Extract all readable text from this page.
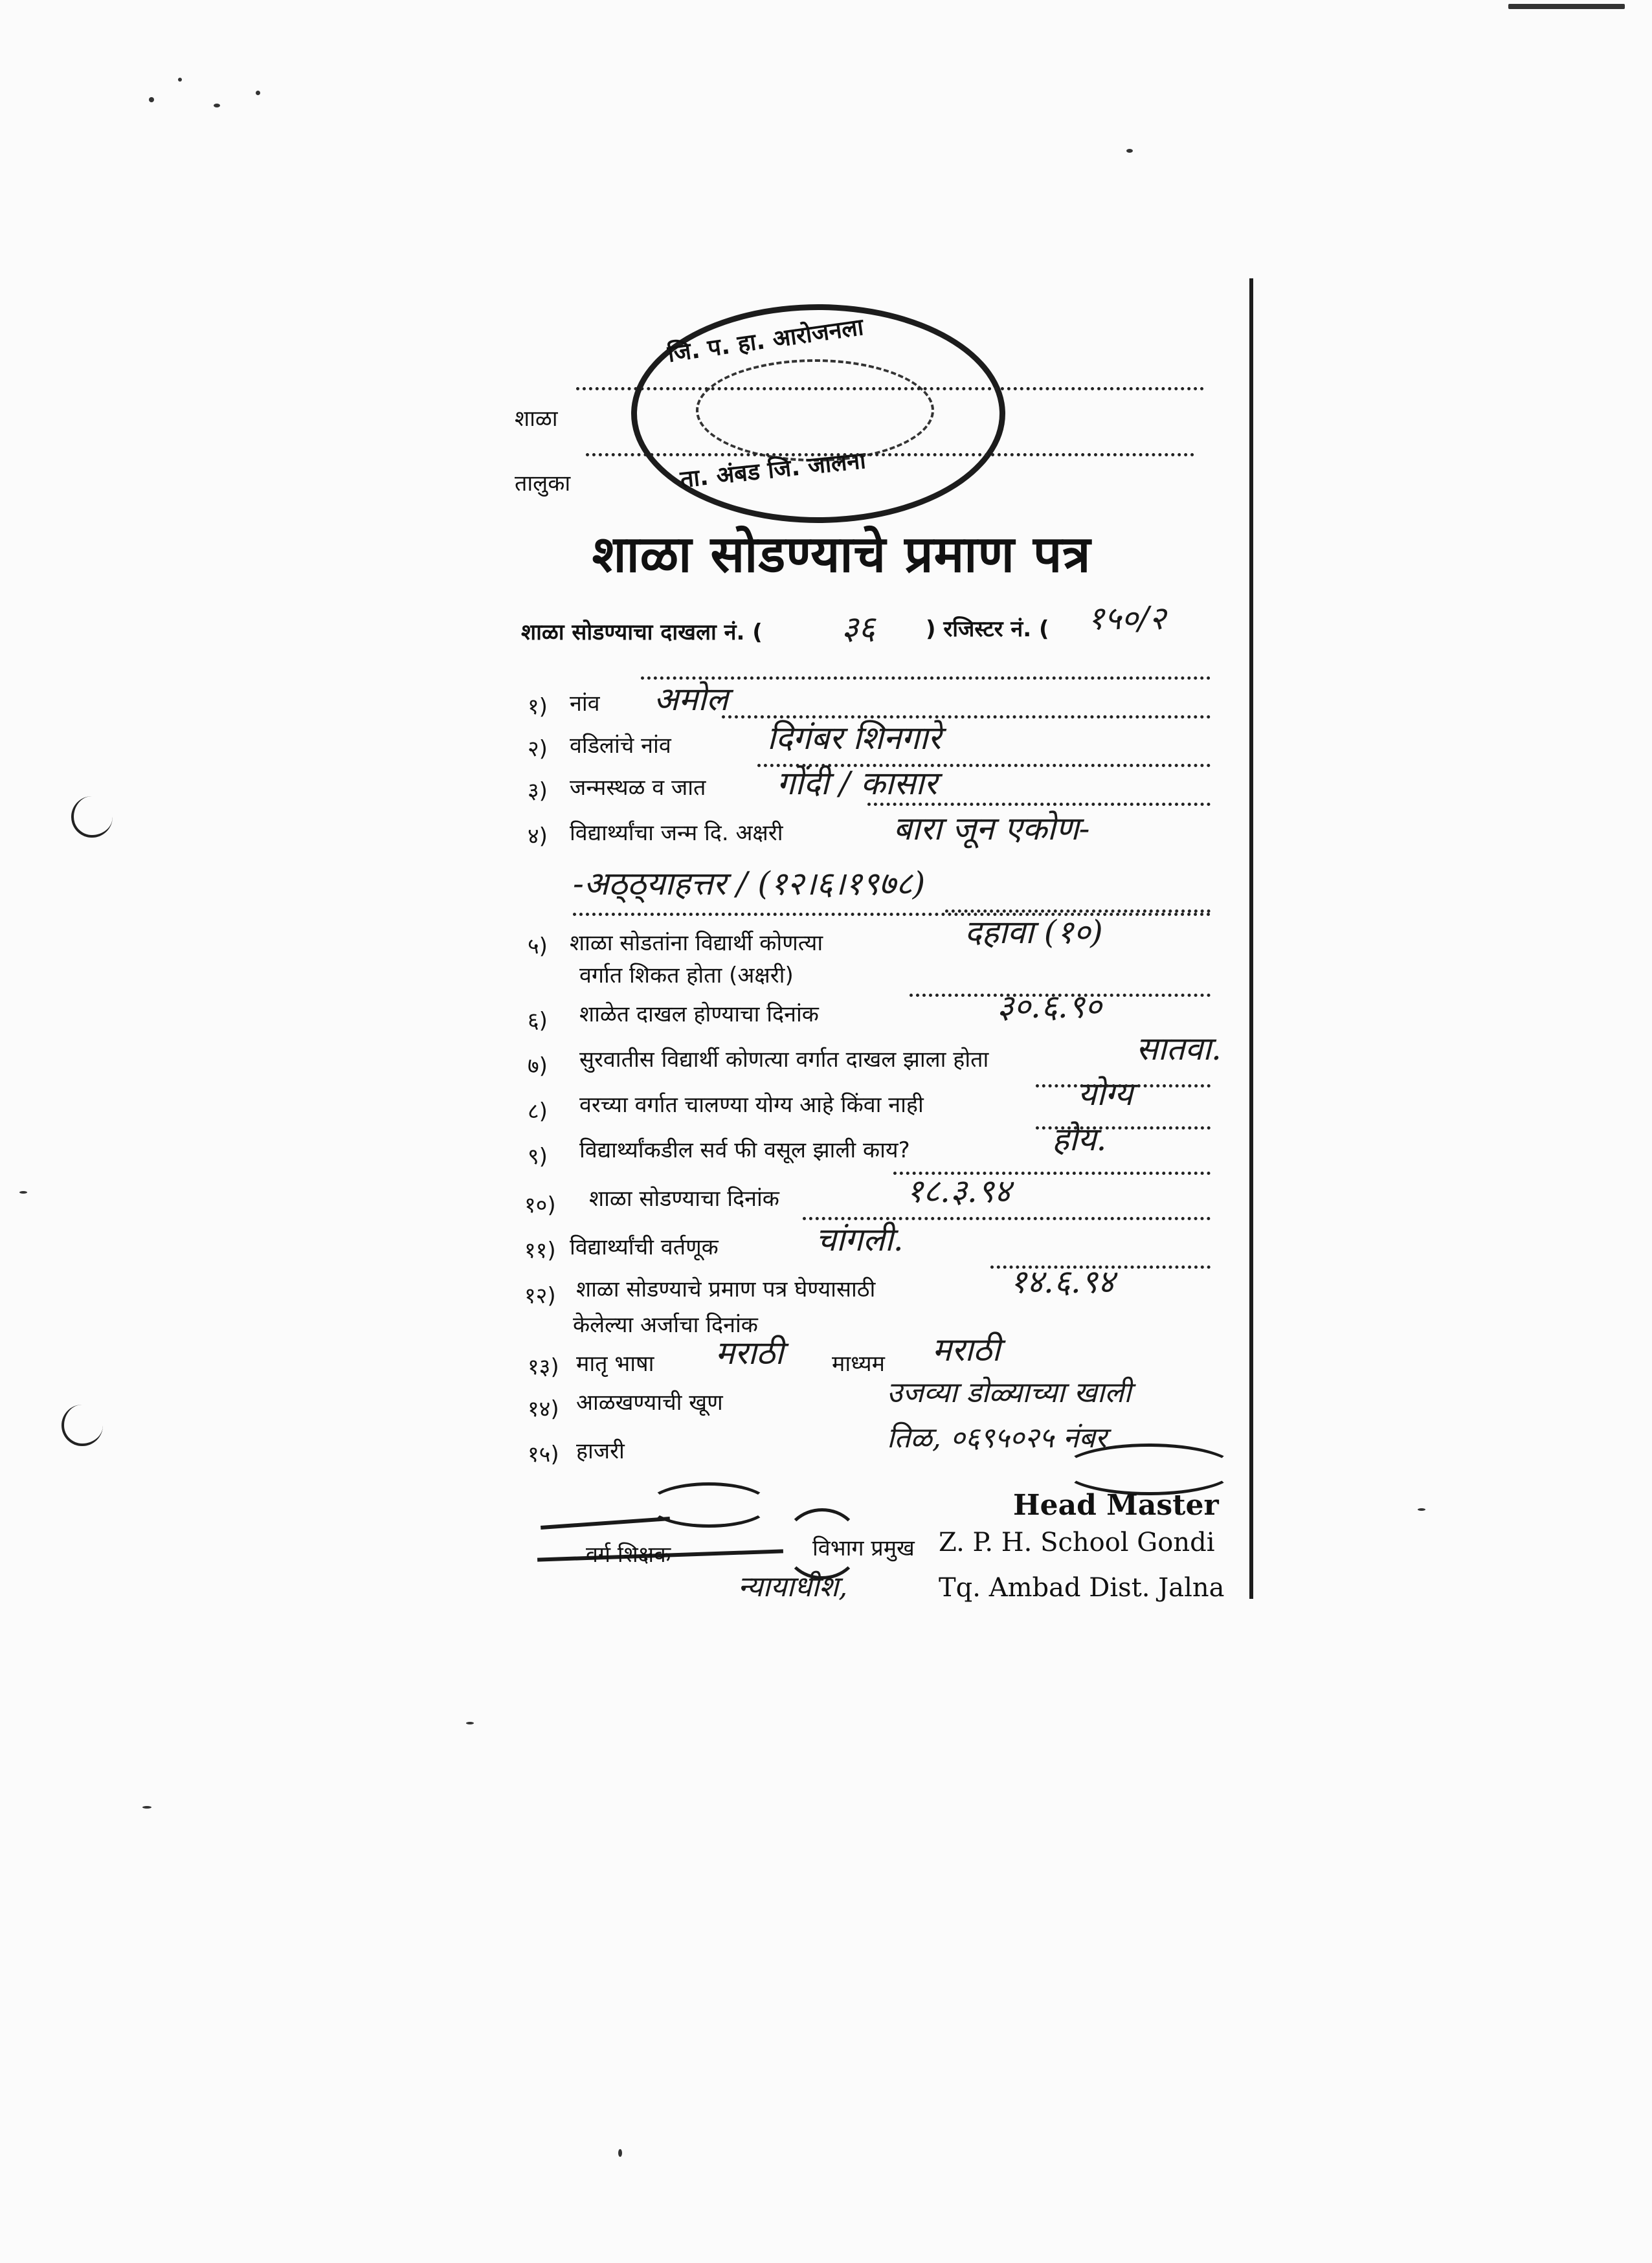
जि. प. हा. आरोजनला
ता. अंबड जि. जालना
शाळा
तालुका
शाळा सोडण्याचे प्रमाण पत्र
शाळा सोडण्याचा दाखला नं. ( ३६ ) रजिस्टर नं. ( १५०/२
१) नांव अमोल
२) वडिलांचे नांव	दिगंबर शिनगारे
३) जन्मस्थळ व जात गोंदी / कासार
४) विद्यार्थ्यांचा जन्म दि. अक्षरी	बारा जून एकोण-
-अठ्ठ्याहत्तर / (१२।६।१९७८)
५) शाळा सोडतांना विद्यार्थी कोणत्या
वर्गात शिकत होता (अक्षरी)
दहावा (१०)
६) शाळेत दाखल होण्याचा दिनांक	३०.६.९०
७) सुरवातीस विद्यार्थी कोणत्या वर्गात दाखल झाला होता	सातवा.
८) वरच्या वर्गात चालण्या योग्य आहे किंवा नाही	योग्य
९) विद्यार्थ्यांकडील सर्व फी वसूल झाली काय?	होय.
१०) शाळा सोडण्याचा दिनांक	१८.३.९४
११) विद्यार्थ्यांची वर्तणूक	चांगली.
१२) शाळा सोडण्याचे प्रमाण पत्र घेण्यासाठी
केलेल्या अर्जाचा दिनांक
१४.६.९४
१३) मातृ भाषा मराठी माध्यम मराठी
१४) आळखण्याची खूण	उजव्या डोळ्याच्या खाली
१५) हाजरी	तिळ, ०६९५०२५ नंबर
वर्ग शिक्षक
Head Master
विभाग प्रमुख Z. P. H. School Gondi
न्यायाधीश,	Tq. Ambad Dist. Jalna
